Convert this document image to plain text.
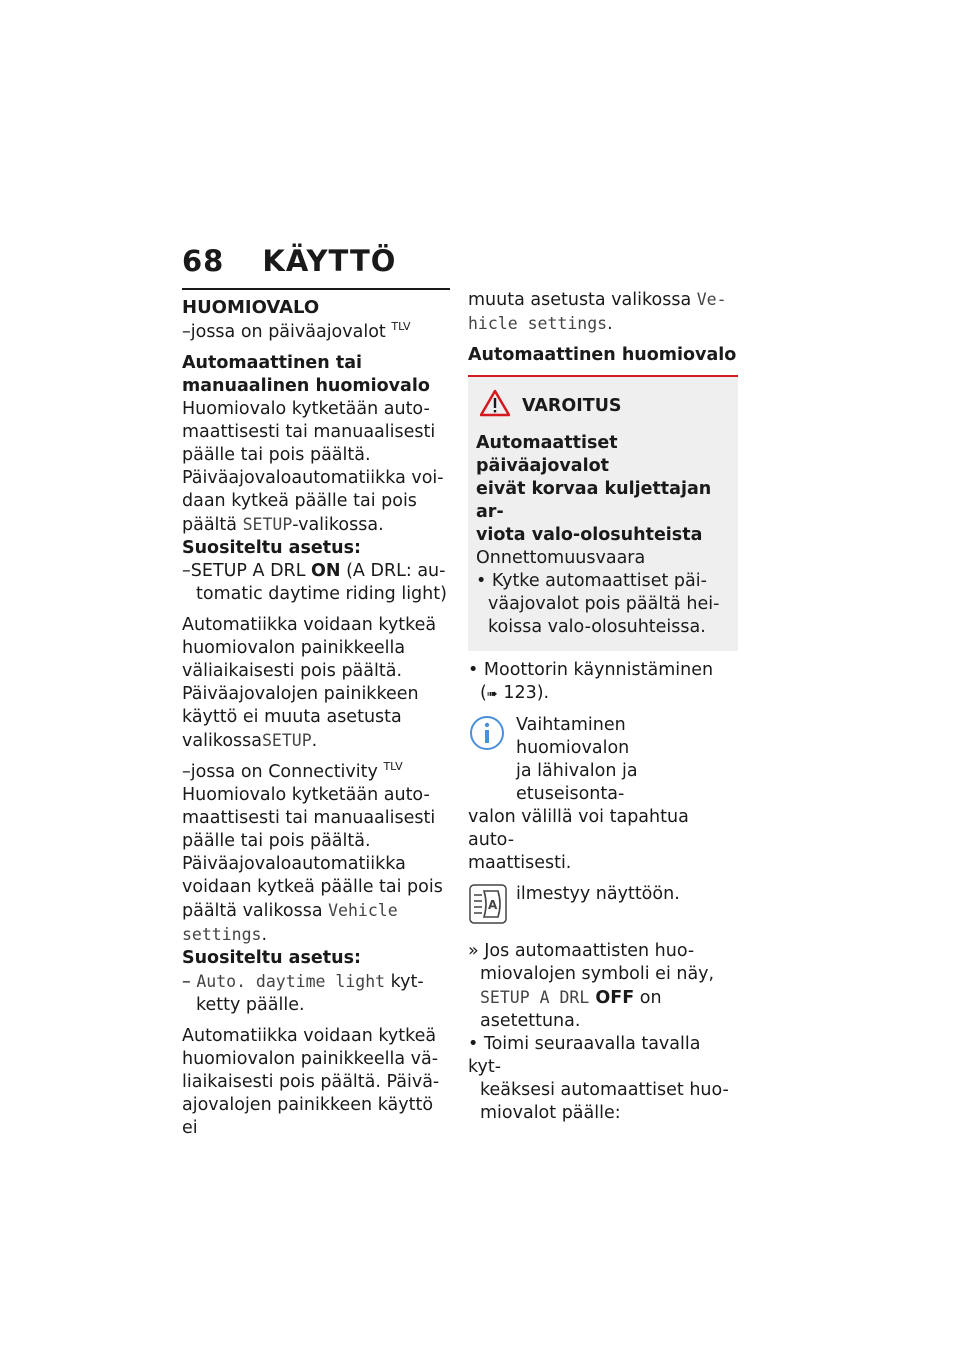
68 KÄYTTÖ
HUOMIOVALO
–jossa on päiväajovalot $^{TLV}$
Automaattinen tai
manuaalinen huomiovalo
Huomiovalo kytketään auto-
maattisesti tai manuaalisesti
päälle tai pois päältä.
Päiväajovaloautomatiikka voi-
daan kytkeä päälle tai pois
päältä SETUP-valikossa.
Suositeltu asetus:
–SETUP A DRL ON (A DRL: au-
tomatic daytime riding light)
Automatiikka voidaan kytkeä
huomiovalon painikkeella
väliaikaisesti pois päältä.
Päiväajovalojen painikkeen
käyttö ei muuta asetusta
valikossaSETUP.
–jossa on Connectivity $^{TLV}$
Huomiovalo kytketään auto-
maattisesti tai manuaalisesti
päälle tai pois päältä.
Päiväajovaloautomatiikka
voidaan kytkeä päälle tai pois
päältä valikossa Vehicle
settings.
Suositeltu asetus:
– Auto. daytime light kyt-
ketty päälle.
Automatiikka voidaan kytkeä
huomiovalon painikkeella vä-
liaikaisesti pois päältä. Päivä-
ajovalojen painikkeen käyttö ei
muuta asetusta valikossa Ve-
hicle settings.
Automaattinen huomiovalo
VAROITUS
Automaattiset päiväajovalot
eivät korvaa kuljettajan ar-
viota valo-olosuhteista
Onnettomuusvaara
• Kytke automaattiset päi-
väajovalot pois päältä hei-
koissa valo-olosuhteissa.
• Moottorin käynnistäminen
(➠ 123).
Vaihtaminen huomiovalon
ja lähivalon ja etuseisonta-
valon välillä voi tapahtua auto-
maattisesti.
A
ilmestyy näyttöön.
» Jos automaattisten huo-
miovalojen symboli ei näy,
SETUP A DRL OFF on
asetettuna.
• Toimi seuraavalla tavalla kyt-
keäksesi automaattiset huo-
miovalot päälle:
